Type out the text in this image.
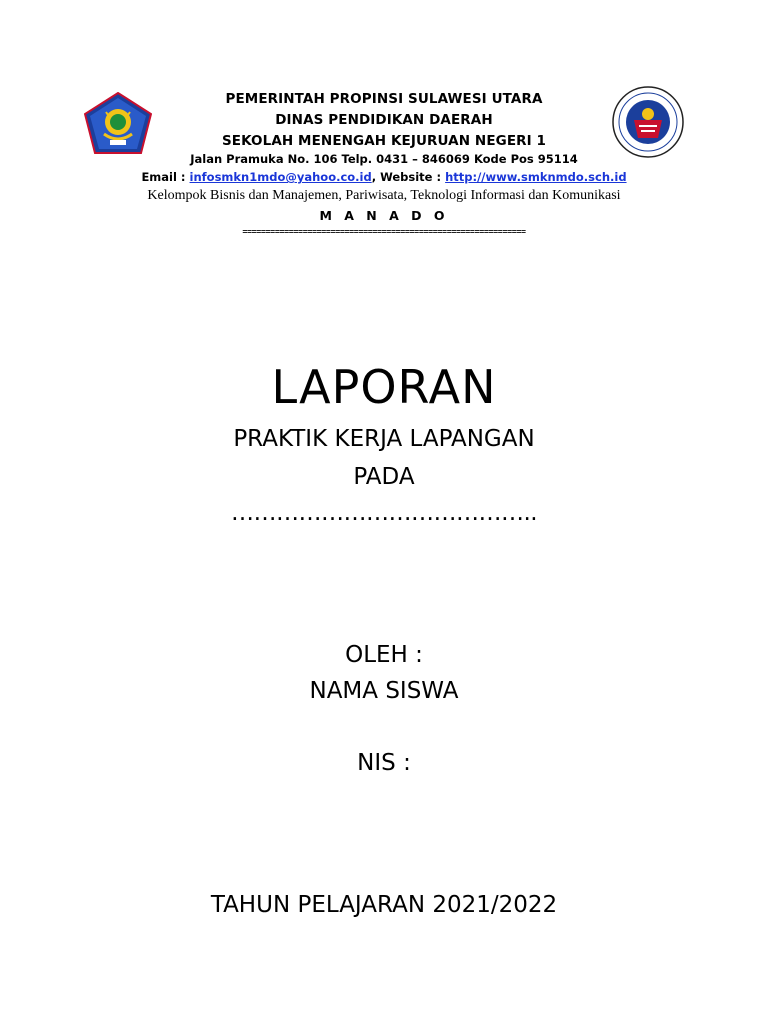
PEMERINTAH PROPINSI SULAWESI UTARA
DINAS PENDIDIKAN DAERAH
SEKOLAH MENENGAH KEJURUAN NEGERI 1
Jalan Pramuka No. 106 Telp. 0431 – 846069 Kode Pos 95114
Email : infosmkn1mdo@yahoo.co.id, Website : http://www.smknmdo.sch.id
Kelompok Bisnis dan Manajemen, Pariwisata, Teknologi Informasi dan Komunikasi
M A N A D O
=============================================================
LAPORAN
PRAKTIK KERJA LAPANGAN
PADA
…………………………………..
OLEH :
NAMA SISWA
NIS :
TAHUN PELAJARAN 2021/2022
